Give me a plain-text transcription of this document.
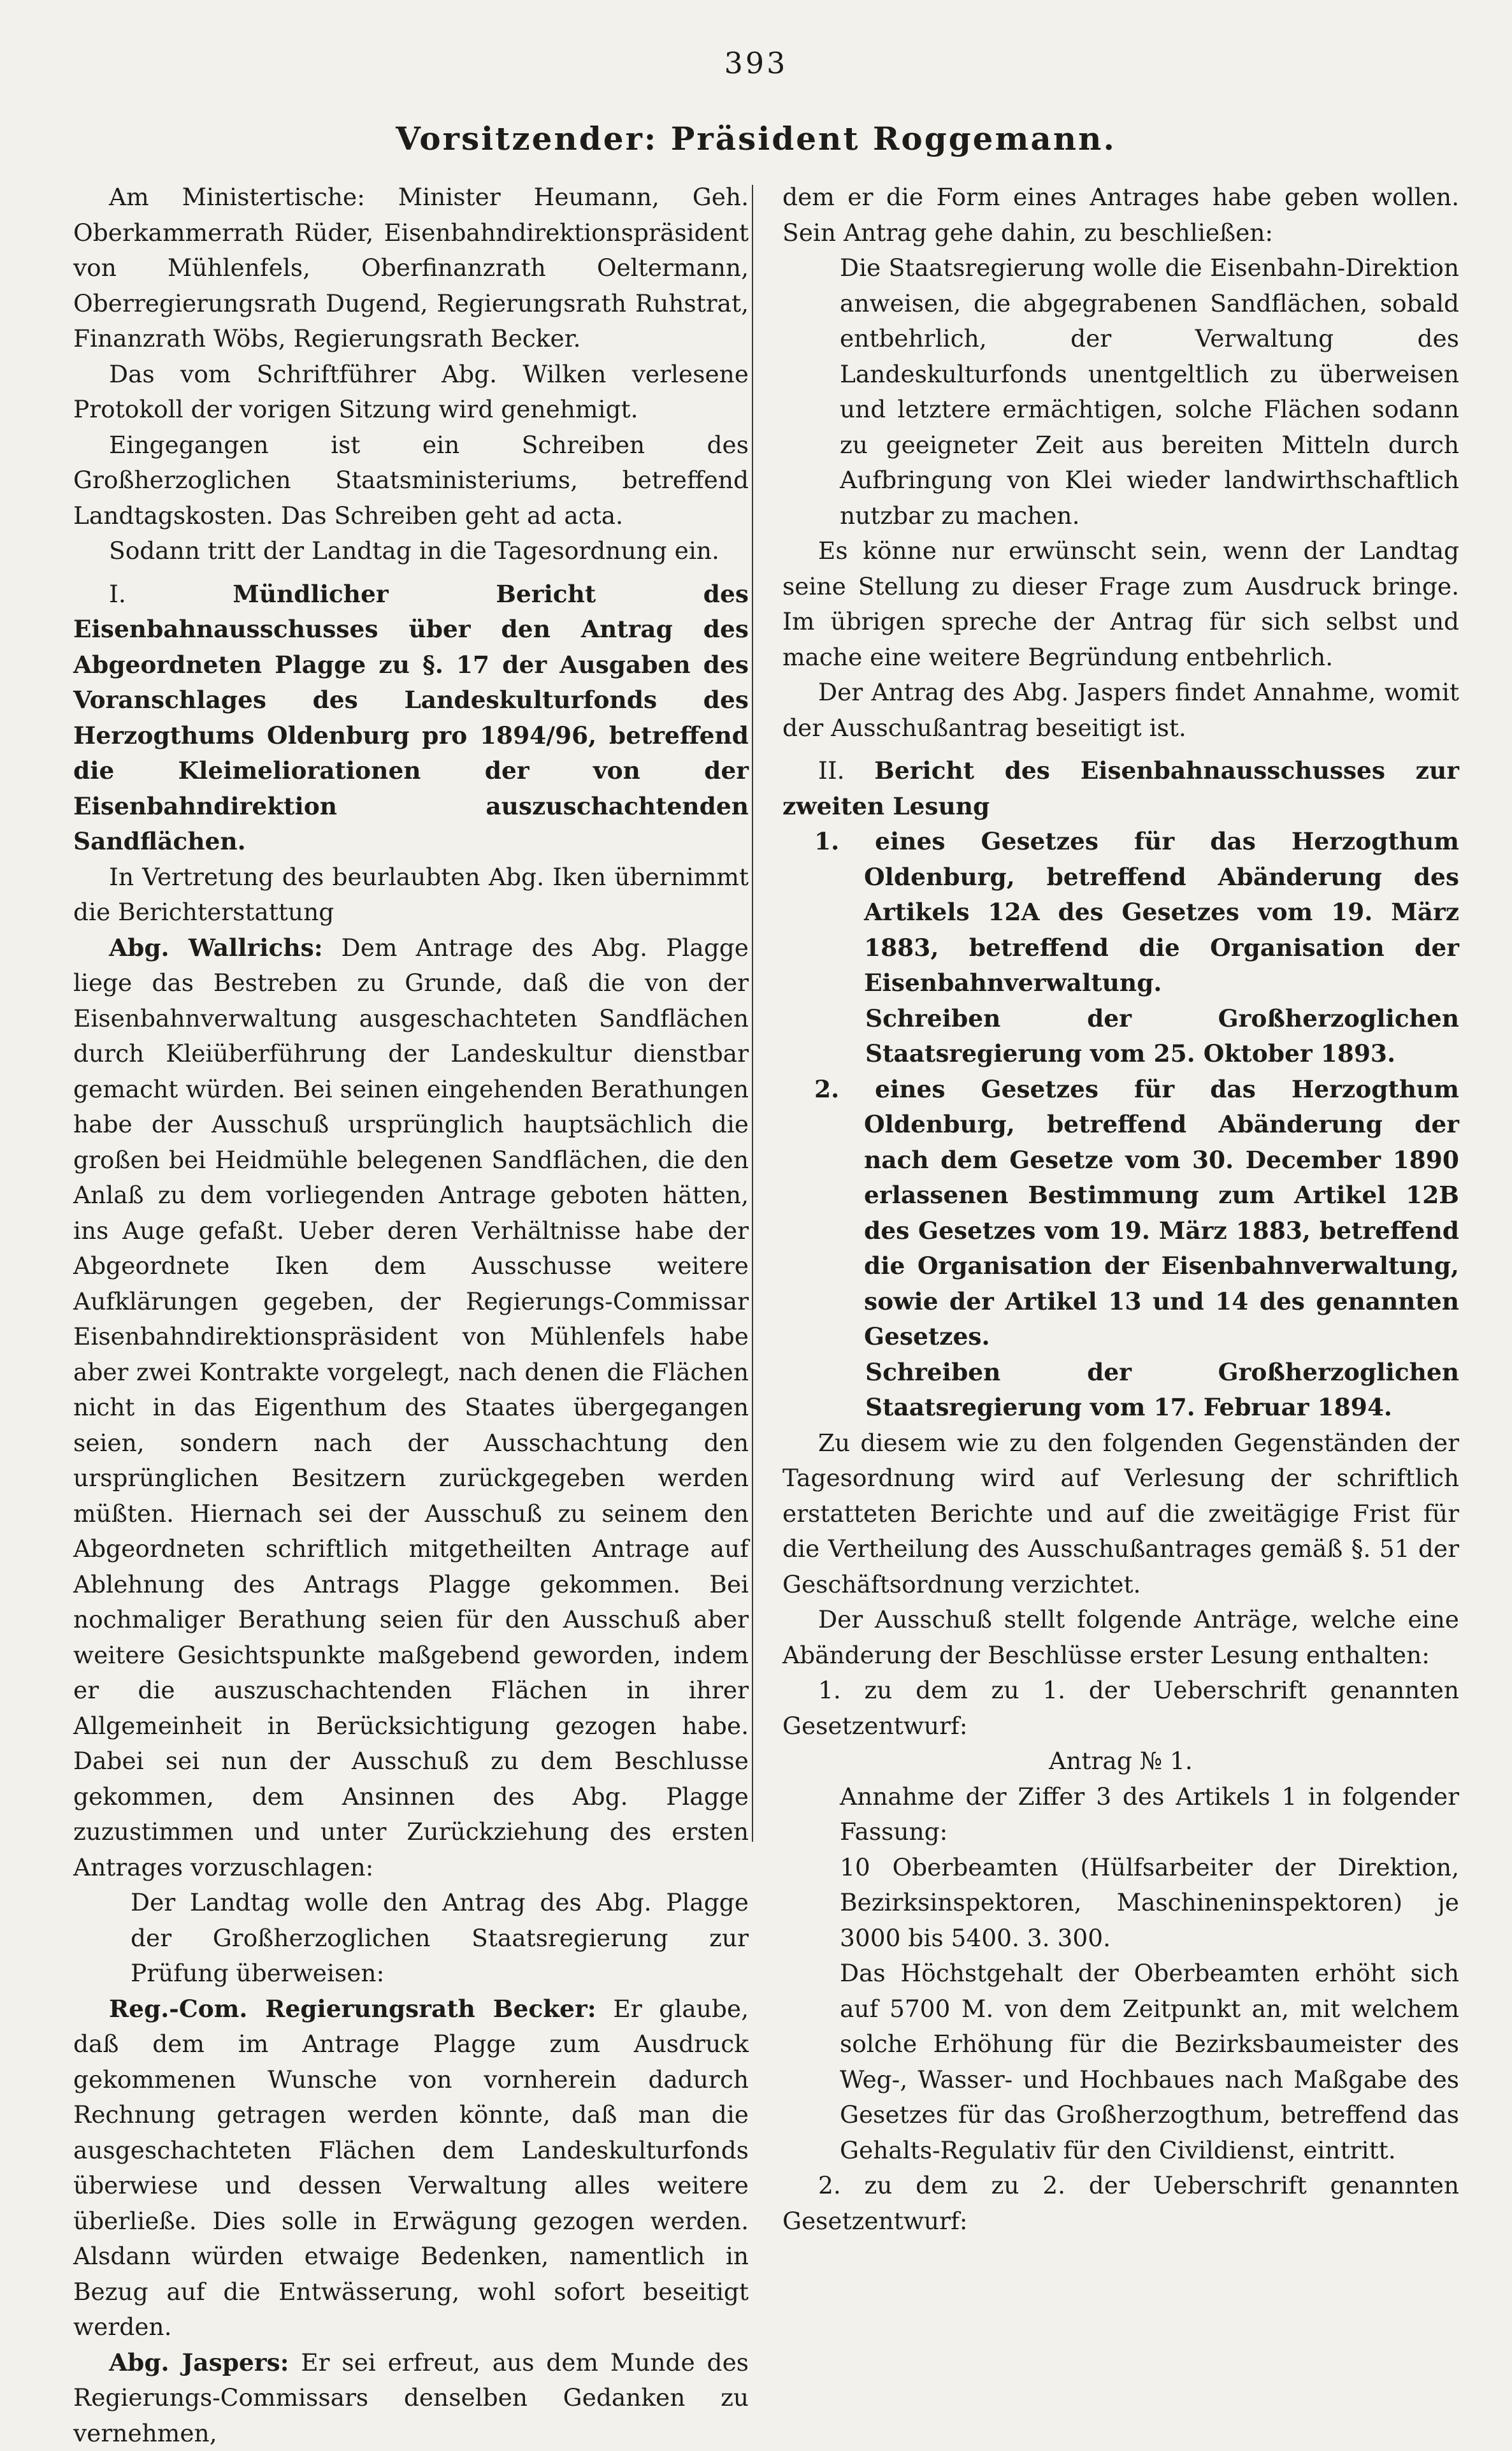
393
Vorsitzender: Präsident Roggemann.

Am Ministertische: Minister Heumann, Geh. Oberkammerrath Rüder, Eisenbahndirektionspräsident von Mühlenfels, Oberfinanzrath Oeltermann, Oberregierungsrath Dugend, Regierungsrath Ruhstrat, Finanzrath Wöbs, Regierungsrath Becker.

Das vom Schriftführer Abg. Wilken verlesene Protokoll der vorigen Sitzung wird genehmigt.

Eingegangen ist ein Schreiben des Großherzoglichen Staatsministeriums, betreffend Landtagskosten. Das Schreiben geht ad acta.

Sodann tritt der Landtag in die Tagesordnung ein.

I.	Mündlicher Bericht des Eisenbahnausschusses über den Antrag des Abgeordneten Plagge zu §. 17 der Ausgaben des Voranschlages des Landeskulturfonds des Herzogthums Oldenburg pro 1894/96, betreffend die Kleimeliorationen der von der Eisenbahndirektion auszuschachtenden Sandflächen.

In Vertretung des beurlaubten Abg. Iken übernimmt die Berichterstattung

Abg. Wallrichs: Dem Antrage des Abg. Plagge liege das Bestreben zu Grunde, daß die von der Eisenbahnverwaltung ausgeschachteten Sandflächen durch Kleiüberführung der Landeskultur dienstbar gemacht würden. Bei seinen eingehenden Berathungen habe der Ausschuß ursprünglich hauptsächlich die großen bei Heidmühle belegenen Sandflächen, die den Anlaß zu dem vorliegenden Antrage geboten hätten, ins Auge gefaßt. Ueber deren Verhältnisse habe der Abgeordnete Iken dem Ausschusse weitere Aufklärungen gegeben, der Regierungs-Commissar Eisenbahndirektionspräsident von Mühlenfels habe aber zwei Kontrakte vorgelegt, nach denen die Flächen nicht in das Eigenthum des Staates übergegangen seien, sondern nach der Ausschachtung den ursprünglichen Besitzern zurückgegeben werden müßten. Hiernach sei der Ausschuß zu seinem den Abgeordneten schriftlich mitgetheilten Antrage auf Ablehnung des Antrags Plagge gekommen. Bei nochmaliger Berathung seien für den Ausschuß aber weitere Gesichtspunkte maßgebend geworden, indem er die auszuschachtenden Flächen in ihrer Allgemeinheit in Berücksichtigung gezogen habe. Dabei sei nun der Ausschuß zu dem Beschlusse gekommen, dem Ansinnen des Abg. Plagge zuzustimmen und unter Zurückziehung des ersten Antrages vorzuschlagen:

Der Landtag wolle den Antrag des Abg. Plagge der Großherzoglichen Staatsregierung zur Prüfung überweisen:

Reg.-Com. Regierungsrath Becker: Er glaube, daß dem im Antrage Plagge zum Ausdruck gekommenen Wunsche von vornherein dadurch Rechnung getragen werden könnte, daß man die ausgeschachteten Flächen dem Landeskulturfonds überwiese und dessen Verwaltung alles weitere überließe. Dies solle in Erwägung gezogen werden. Alsdann würden etwaige Bedenken, namentlich in Bezug auf die Entwässerung, wohl sofort beseitigt werden.

Abg. Jaspers: Er sei erfreut, aus dem Munde des Regierungs-Commissars denselben Gedanken zu vernehmen,

dem er die Form eines Antrages habe geben wollen. Sein Antrag gehe dahin, zu beschließen:

Die Staatsregierung wolle die Eisenbahn-Direktion anweisen, die abgegrabenen Sandflächen, sobald entbehrlich, der Verwaltung des Landeskulturfonds unentgeltlich zu überweisen und letztere ermächtigen, solche Flächen sodann zu geeigneter Zeit aus bereiten Mitteln durch Aufbringung von Klei wieder landwirthschaftlich nutzbar zu machen.

Es könne nur erwünscht sein, wenn der Landtag seine Stellung zu dieser Frage zum Ausdruck bringe. Im übrigen spreche der Antrag für sich selbst und mache eine weitere Begründung entbehrlich.

Der Antrag des Abg. Jaspers findet Annahme, womit der Ausschußantrag beseitigt ist.

II. Bericht des Eisenbahnausschusses zur zweiten Lesung

1. eines Gesetzes für das Herzogthum Oldenburg, betreffend Abänderung des Artikels 12A des Gesetzes vom 19. März 1883, betreffend die Organisation der Eisenbahnverwaltung.

Schreiben der Großherzoglichen Staatsregierung vom 25. Oktober 1893.

2. eines Gesetzes für das Herzogthum Oldenburg, betreffend Abänderung der nach dem Gesetze vom 30. December 1890 erlassenen Bestimmung zum Artikel 12B des Gesetzes vom 19. März 1883, betreffend die Organisation der Eisenbahnverwaltung, sowie der Artikel 13 und 14 des genannten Gesetzes.

Schreiben der Großherzoglichen Staatsregierung vom 17. Februar 1894.

Zu diesem wie zu den folgenden Gegenständen der Tagesordnung wird auf Verlesung der schriftlich erstatteten Berichte und auf die zweitägige Frist für die Vertheilung des Ausschußantrages gemäß §. 51 der Geschäftsordnung verzichtet.

Der Ausschuß stellt folgende Anträge, welche eine Abänderung der Beschlüsse erster Lesung enthalten:

1. zu dem zu 1. der Ueberschrift genannten Gesetzentwurf:

Antrag № 1.

Annahme der Ziffer 3 des Artikels 1 in folgender Fassung:

10 Oberbeamten (Hülfsarbeiter der Direktion, Bezirksinspektoren, Maschineninspektoren) je 3000 bis 5400. 3. 300.

Das Höchstgehalt der Oberbeamten erhöht sich auf 5700 M. von dem Zeitpunkt an, mit welchem solche Erhöhung für die Bezirksbaumeister des Weg-, Wasser- und Hochbaues nach Maßgabe des Gesetzes für das Großherzogthum, betreffend das Gehalts-Regulativ für den Civildienst, eintritt.

2. zu dem zu 2. der Ueberschrift genannten Gesetzentwurf:
